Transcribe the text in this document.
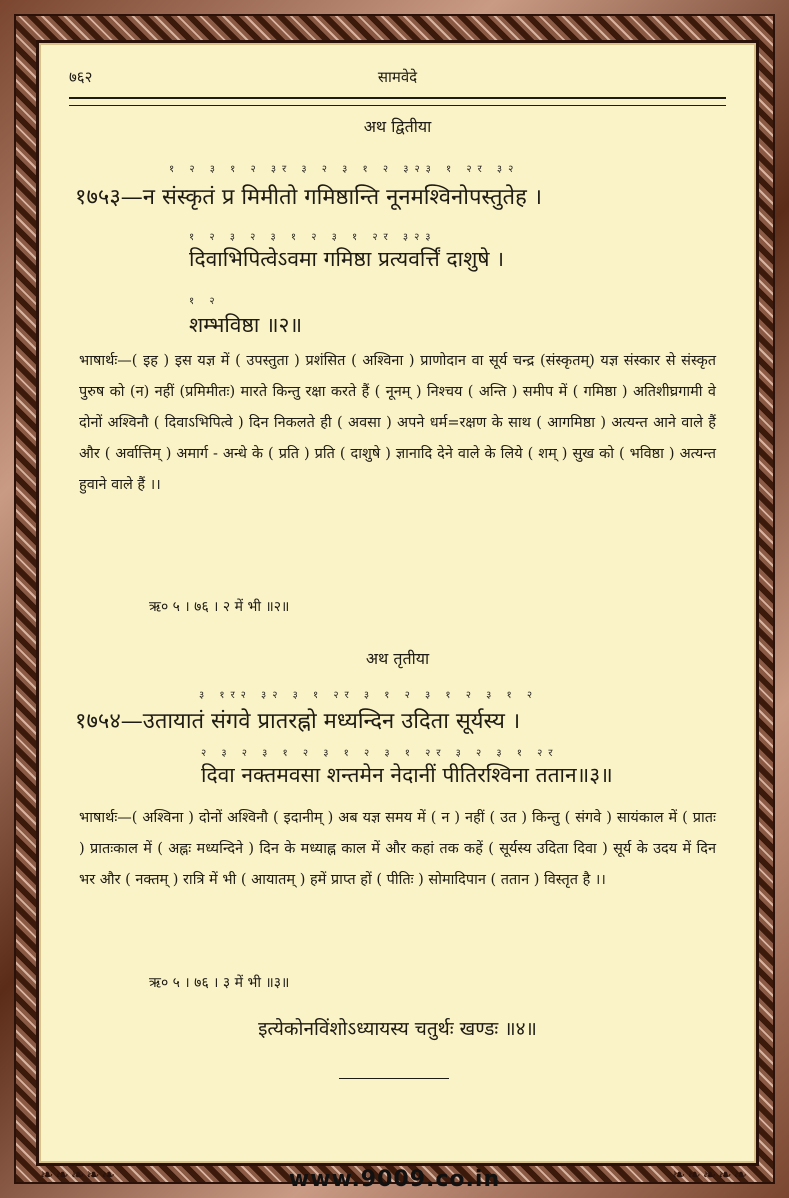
७६२	सामवेदे
अथ द्वितीया
१ २ ३ १ २ ३र ३ २ ३ १ २ ३२३ १ २र ३२
१७५३—न संस्कृतं प्र मिमीतो गमिष्ठान्ति नूनमश्विनोपस्तुतेह ।
१ २ ३ २ ३ १ २ ३ १ २र ३२३
दिवाभिपित्वेऽवमा गमिष्ठा प्रत्यवर्त्तिं दाशुषे ।
१ २
शम्भविष्ठा ॥२॥
भाषार्थः—( इह ) इस यज्ञ में ( उपस्तुता ) प्रशंसित ( अश्विना ) प्राणोदान वा सूर्य चन्द्र (संस्कृतम्) यज्ञ संस्कार से संस्कृत पुरुष को (न) नहीं (प्रमिमीतः) मारते किन्तु रक्षा करते हैं ( नूनम् ) निश्चय ( अन्ति ) समीप में ( गमिष्ठा ) अतिशीघ्रगामी वे दोनों अश्विनौ ( दिवाऽभिपित्वे ) दिन निकलते ही ( अवसा ) अपने धर्म=रक्षण के साथ ( आगमिष्ठा ) अत्यन्त आने वाले हैं और ( अर्वात्तिम् ) अमार्ग - अन्धे के ( प्रति ) प्रति ( दाशुषे ) ज्ञानादि देने वाले के लिये ( शम् ) सुख को ( भविष्ठा ) अत्यन्त हुवाने वाले हैं ।।
ऋ० ५ । ७६ । २ में भी ॥२॥
अथ तृतीया
३ १र२ ३२ ३ १ २र ३ १ २ ३ १ २ ३ १ २
१७५४—उतायातं संगवे प्रातरह्नो मध्यन्दिन उदिता सूर्यस्य ।
२ ३ २ ३ १ २ ३ १ २ ३ १ २र ३ २ ३ १ २र
दिवा नक्तमवसा शन्तमेन नेदानीं पीतिरश्विना ततान॥३॥
भाषार्थः—( अश्विना ) दोनों अश्विनौ ( इदानीम् ) अब यज्ञ समय में ( न ) नहीं ( उत ) किन्तु ( संगवे ) सायंकाल में ( प्रातः ) प्रातःकाल में ( अह्नः मध्यन्दिने ) दिन के मध्याह्न काल में और कहां तक कहें ( सूर्यस्य उदिता दिवा ) सूर्य के उदय में दिन भर और ( नक्तम् ) रात्रि में भी ( आयातम् ) हमें प्राप्त हों ( पीतिः ) सोमादिपान ( ततान ) विस्तृत है ।।
ऋ० ५ । ७६ । ३ में भी ॥३॥
इत्येकोनविंशोऽध्यायस्य चतुर्थः खण्डः ॥४॥
❧❧❧❧❧	❧❧❧❧❧
www.9009.co.in
